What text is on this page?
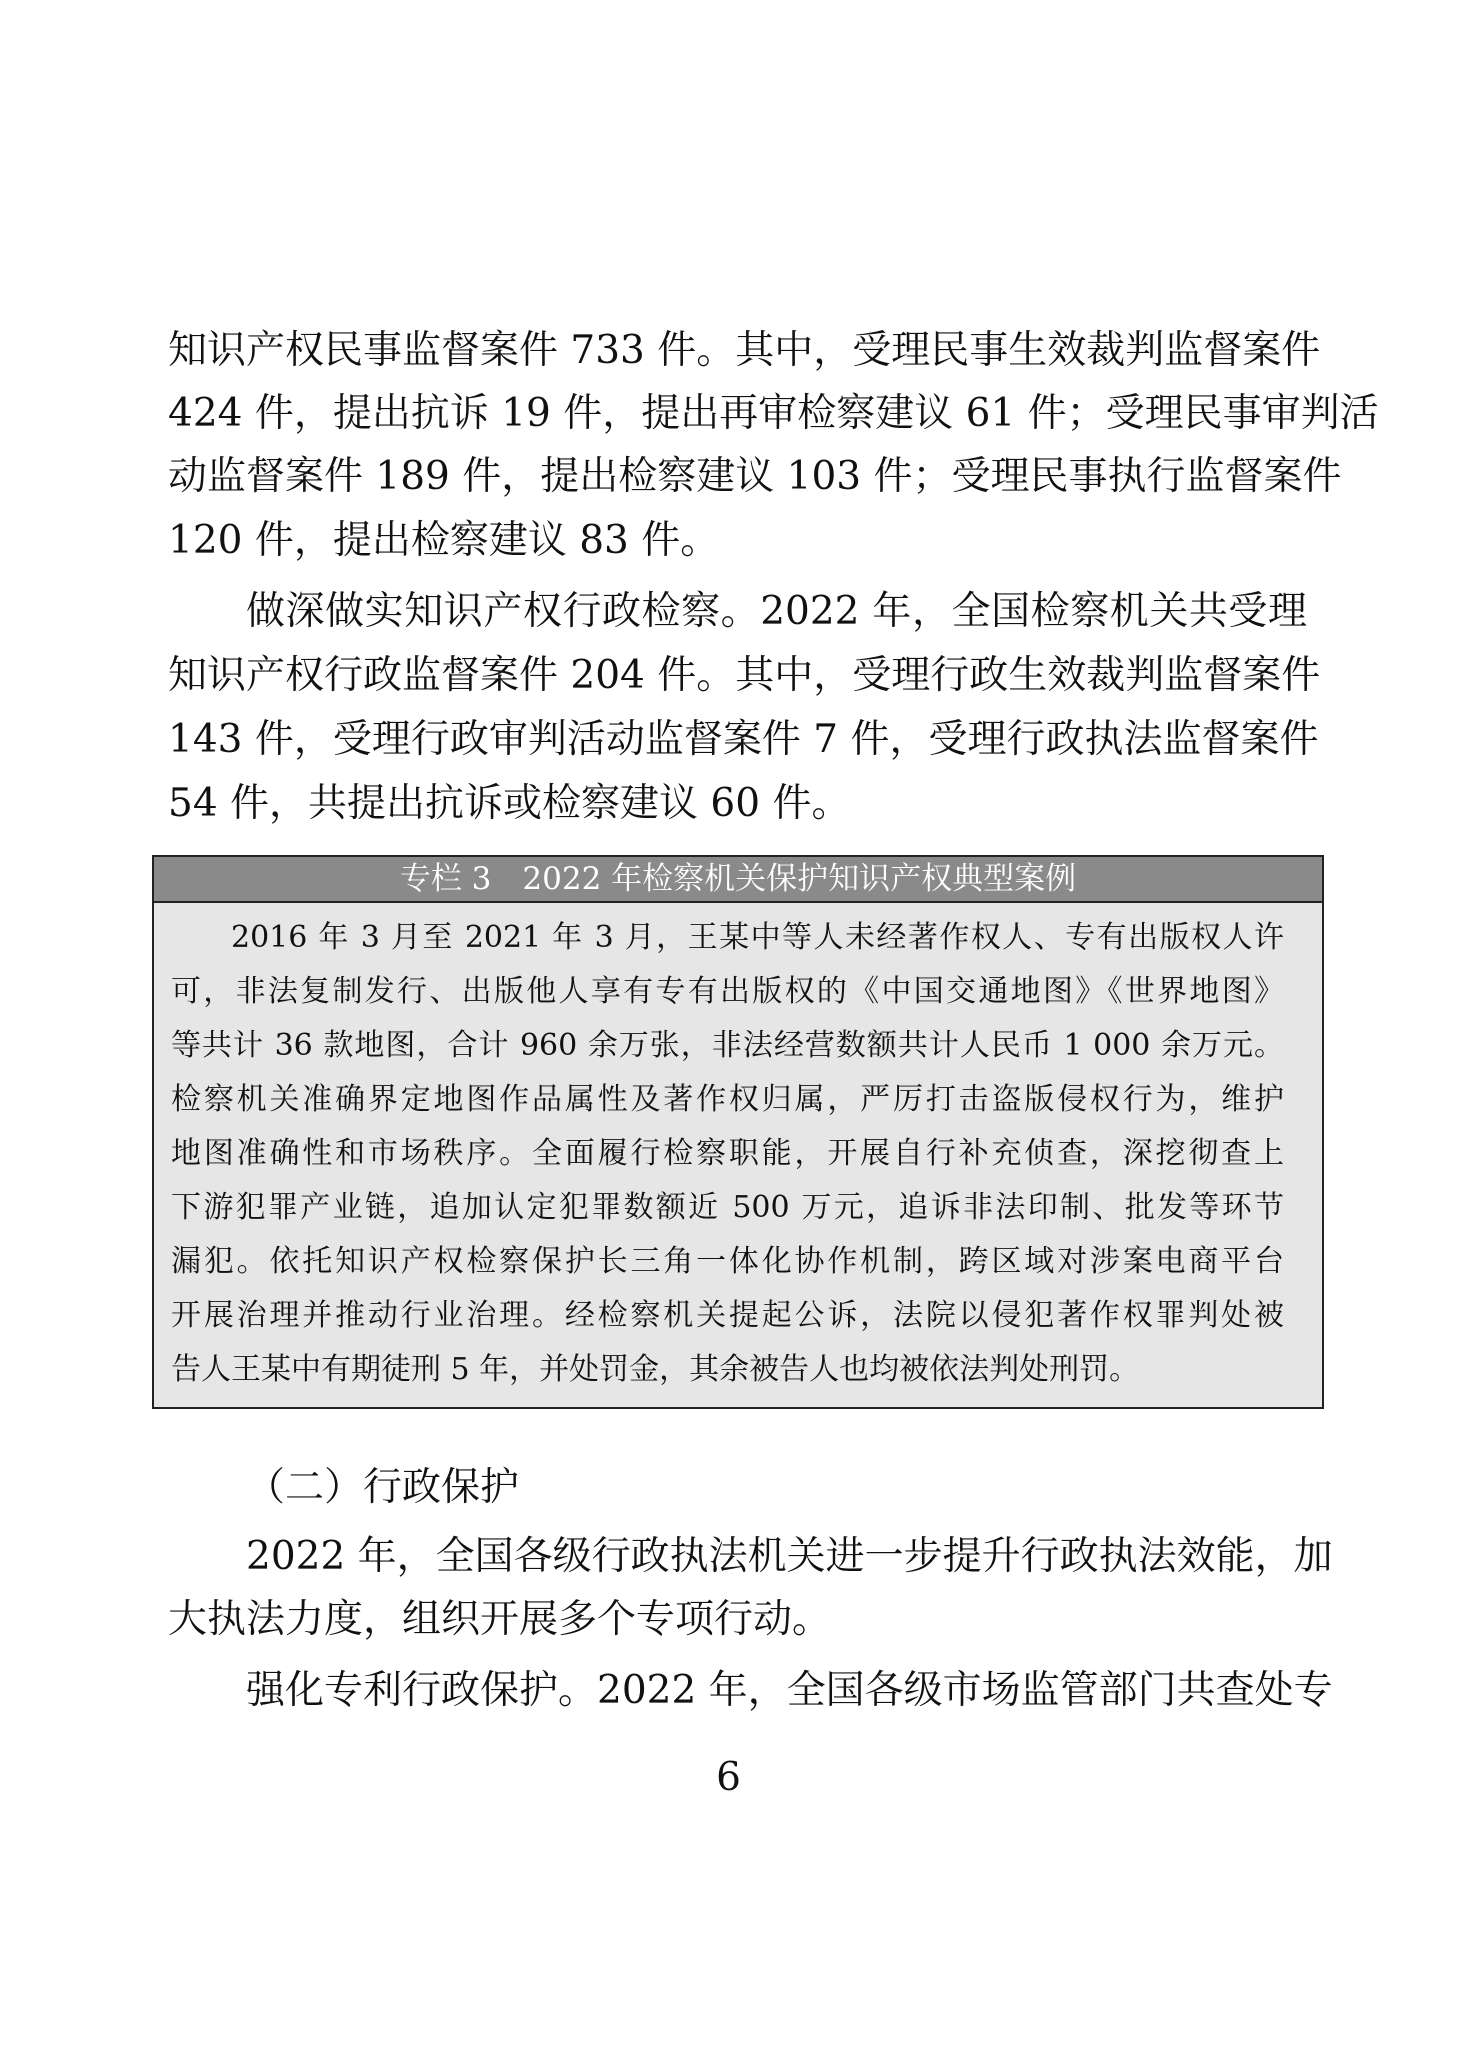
知识产权民事监督案件 733 件。其中，受理民事生效裁判监督案件
424 件，提出抗诉 19 件，提出再审检察建议 61 件；受理民事审判活
动监督案件 189 件，提出检察建议 103 件；受理民事执行监督案件
120 件，提出检察建议 83 件。
做深做实知识产权行政检察。2022 年，全国检察机关共受理
知识产权行政监督案件 204 件。其中，受理行政生效裁判监督案件
143 件，受理行政审判活动监督案件 7 件，受理行政执法监督案件
54 件，共提出抗诉或检察建议 60 件。
专栏 3　2022 年检察机关保护知识产权典型案例
2016 年 3 月至 2021 年 3 月，王某中等人未经著作权人、专有出版权人许
可，非法复制发行、出版他人享有专有出版权的《中国交通地图》《世界地图》
等共计 36 款地图，合计 960 余万张，非法经营数额共计人民币 1 000 余万元。
检察机关准确界定地图作品属性及著作权归属，严厉打击盗版侵权行为，维护
地图准确性和市场秩序。全面履行检察职能，开展自行补充侦查，深挖彻查上
下游犯罪产业链，追加认定犯罪数额近 500 万元，追诉非法印制、批发等环节
漏犯。依托知识产权检察保护长三角一体化协作机制，跨区域对涉案电商平台
开展治理并推动行业治理。经检察机关提起公诉，法院以侵犯著作权罪判处被
告人王某中有期徒刑 5 年，并处罚金，其余被告人也均被依法判处刑罚。
（二）行政保护
2022 年，全国各级行政执法机关进一步提升行政执法效能，加
大执法力度，组织开展多个专项行动。
强化专利行政保护。2022 年，全国各级市场监管部门共查处专
6
